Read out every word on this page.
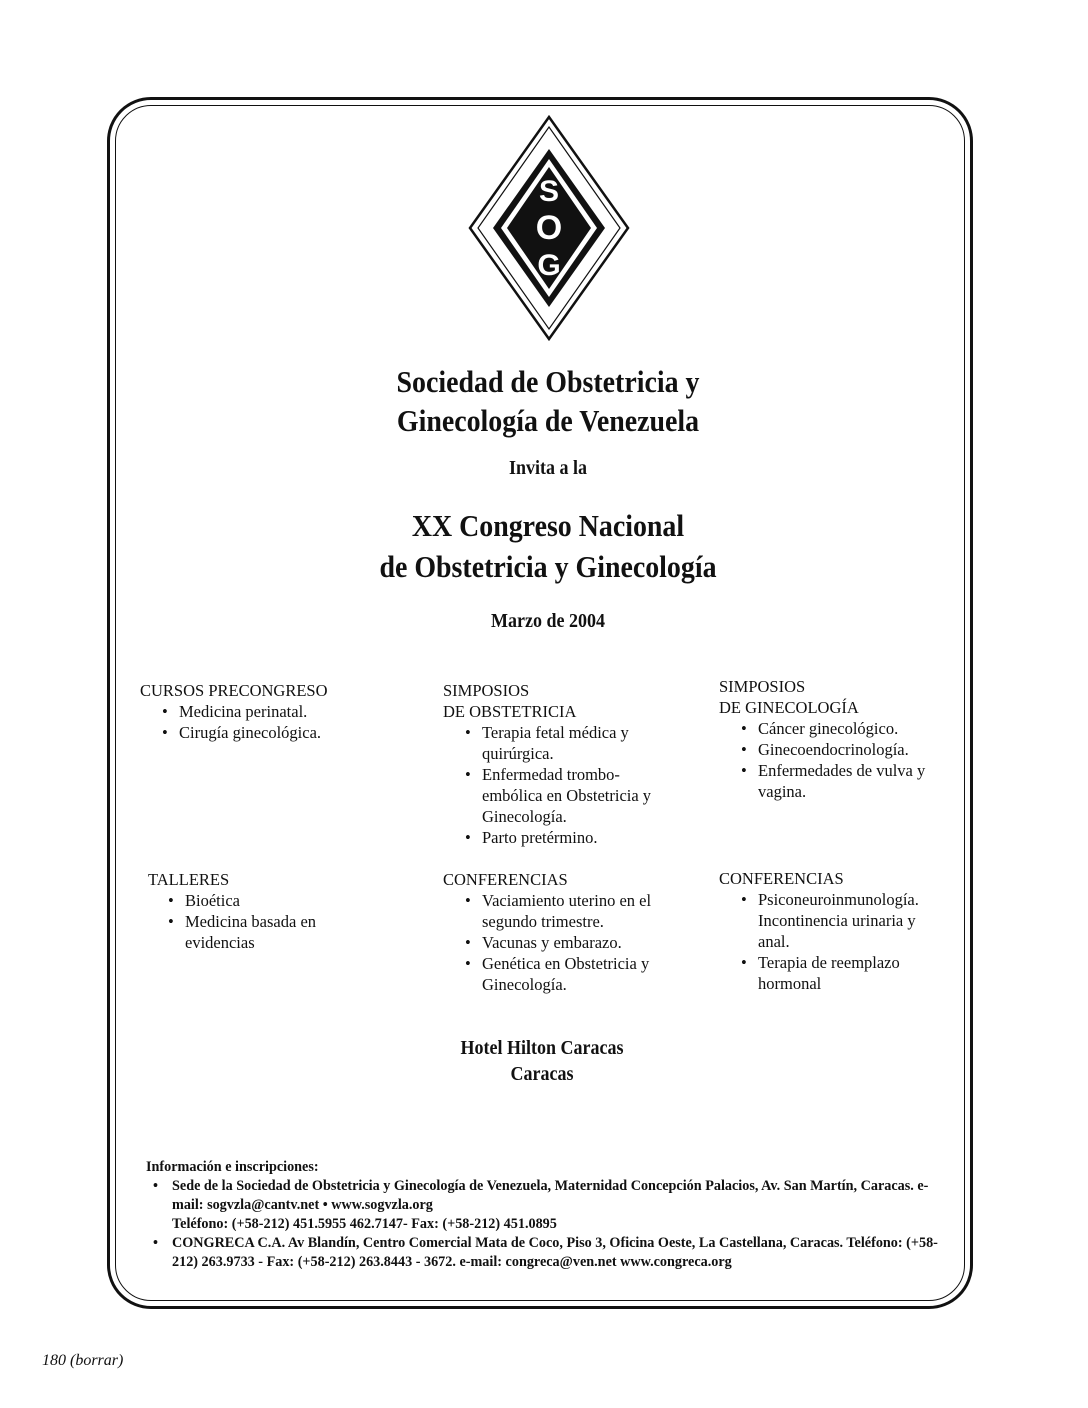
S
O
G
Sociedad de Obstetricia y
Ginecología de Venezuela
Invita a la
XX Congreso Nacional
de Obstetricia y Ginecología
Marzo de 2004
CURSOS PRECONGRESO
• Medicina perinatal.
• Cirugía ginecológica.
SIMPOSIOS
DE OBSTETRICIA
• Terapia fetal médica y quirúrgica.
• Enfermedad trombo-embólica en Obstetricia y Ginecología.
• Parto pretérmino.
SIMPOSIOS
DE GINECOLOGÍA
• Cáncer ginecológico.
• Ginecoendocrinología.
• Enfermedades de vulva y vagina.
TALLERES
• Bioética
• Medicina basada en evidencias
CONFERENCIAS
• Vaciamiento uterino en el segundo trimestre.
• Vacunas y embarazo.
• Genética en Obstetricia y Ginecología.
CONFERENCIAS
• Psiconeuroinmunología. Incontinencia urinaria y anal.
• Terapia de reemplazo hormonal
Hotel Hilton Caracas
Caracas
Información e inscripciones:
• Sede de la Sociedad de Obstetricia y Ginecología de Venezuela, Maternidad Concepción Palacios, Av. San Martín, Caracas. e-mail: sogvzla@cantv.net • www.sogvzla.org
Teléfono: (+58-212) 451.5955 462.7147- Fax: (+58-212) 451.0895
• CONGRECA C.A. Av Blandín, Centro Comercial Mata de Coco, Piso 3, Oficina Oeste, La Castellana, Caracas. Teléfono: (+58-212) 263.9733 - Fax: (+58-212) 263.8443 - 3672. e-mail: congreca@ven.net www.congreca.org
180 (borrar)
